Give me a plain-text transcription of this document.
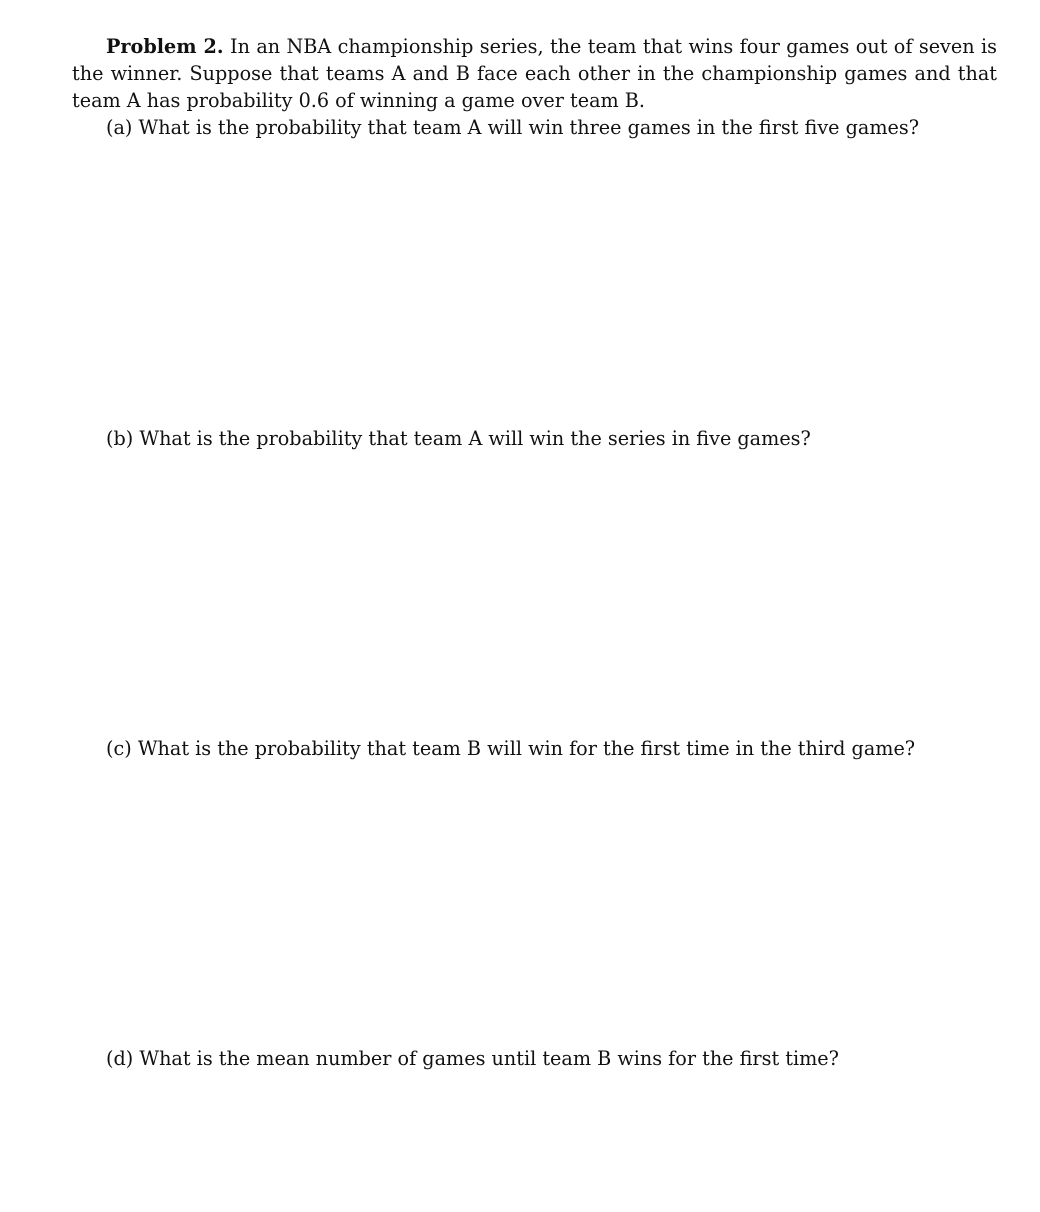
Problem 2. In an NBA championship series, the team that wins four games out of seven is the winner. Suppose that teams A and B face each other in the championship games and that team A has probability 0.6 of winning a game over team B.

(a) What is the probability that team A will win three games in the first five games?

(b) What is the probability that team A will win the series in five games?

(c) What is the probability that team B will win for the first time in the third game?

(d) What is the mean number of games until team B wins for the first time?
